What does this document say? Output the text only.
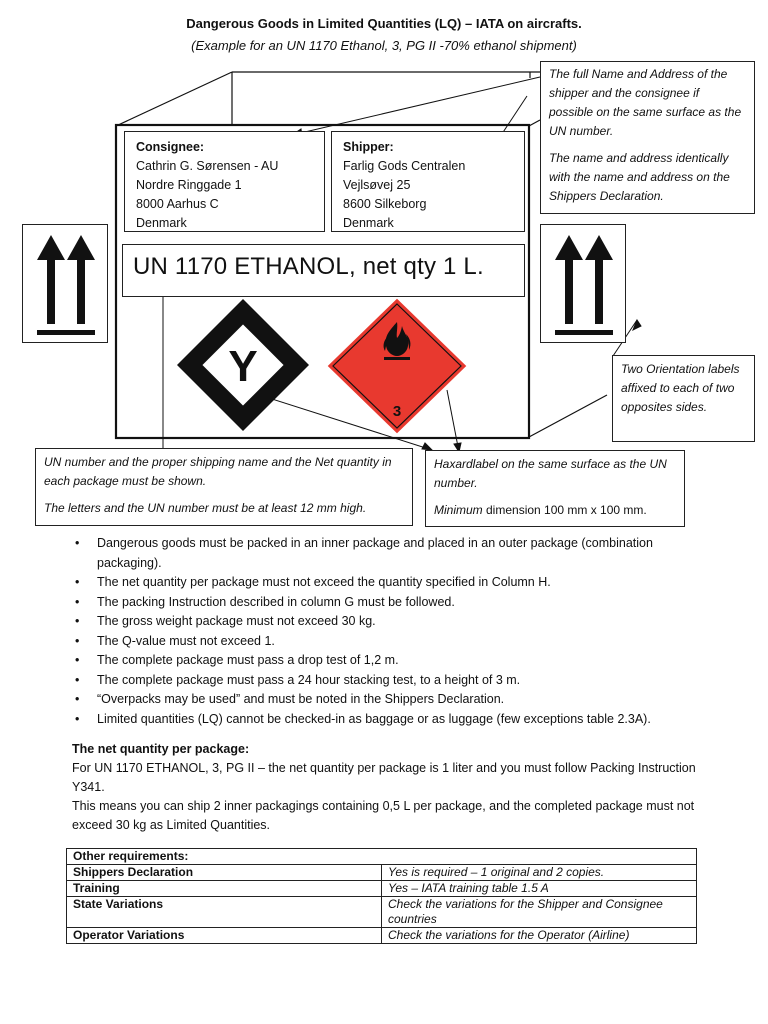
Dangerous Goods in Limited Quantities (LQ) – IATA on aircrafts.
(Example for an UN 1170 Ethanol, 3, PG II -70% ethanol shipment)
Consignee:
Cathrin G. Sørensen - AU
Nordre Ringgade 1
8000 Aarhus C
Denmark
Shipper:
Farlig Gods Centralen
Vejlsøvej 25
8600 Silkeborg
Denmark
UN 1170 ETHANOL, net qty 1 L.
Y
3

The full Name and Address of the shipper and the consignee if possible on the same surface as the UN number.

The name and address identically with the name and address on the Shippers Declaration.

Two Orientation labels affixed to each of two opposites sides.

UN number and the proper shipping name and the Net quantity in each package must be shown.

The letters and the UN number must be at least 12 mm high.

Haxardlabel on the same surface as the UN number.

Minimum dimension 100 mm x 100 mm.

• Dangerous goods must be packed in an inner package and placed in an outer package (combination packaging).
• The net quantity per package must not exceed the quantity specified in Column H.
• The packing Instruction described in column G must be followed.
• The gross weight package must not exceed 30 kg.
• The Q-value must not exceed 1.
• The complete package must pass a drop test of 1,2 m.
• The complete package must pass a 24 hour stacking test, to a height of 3 m.
• “Overpacks may be used” and must be noted in the Shippers Declaration.
• Limited quantities (LQ) cannot be checked-in as baggage or as luggage (few exceptions table 2.3A).
The net quantity per package:
For UN 1170 ETHANOL, 3, PG II – the net quantity per package is 1 liter and you must follow Packing Instruction Y341.
This means you can ship 2 inner packagings containing 0,5 L per package, and the completed package must not exceed 30 kg as Limited Quantities.
Other requirements:	
Shippers Declaration	Yes is required – 1 original and 2 copies.
Training	Yes – IATA training table 1.5 A
State Variations	Check the variations for the Shipper and Consignee countries
Operator Variations	Check the variations for the Operator (Airline)
